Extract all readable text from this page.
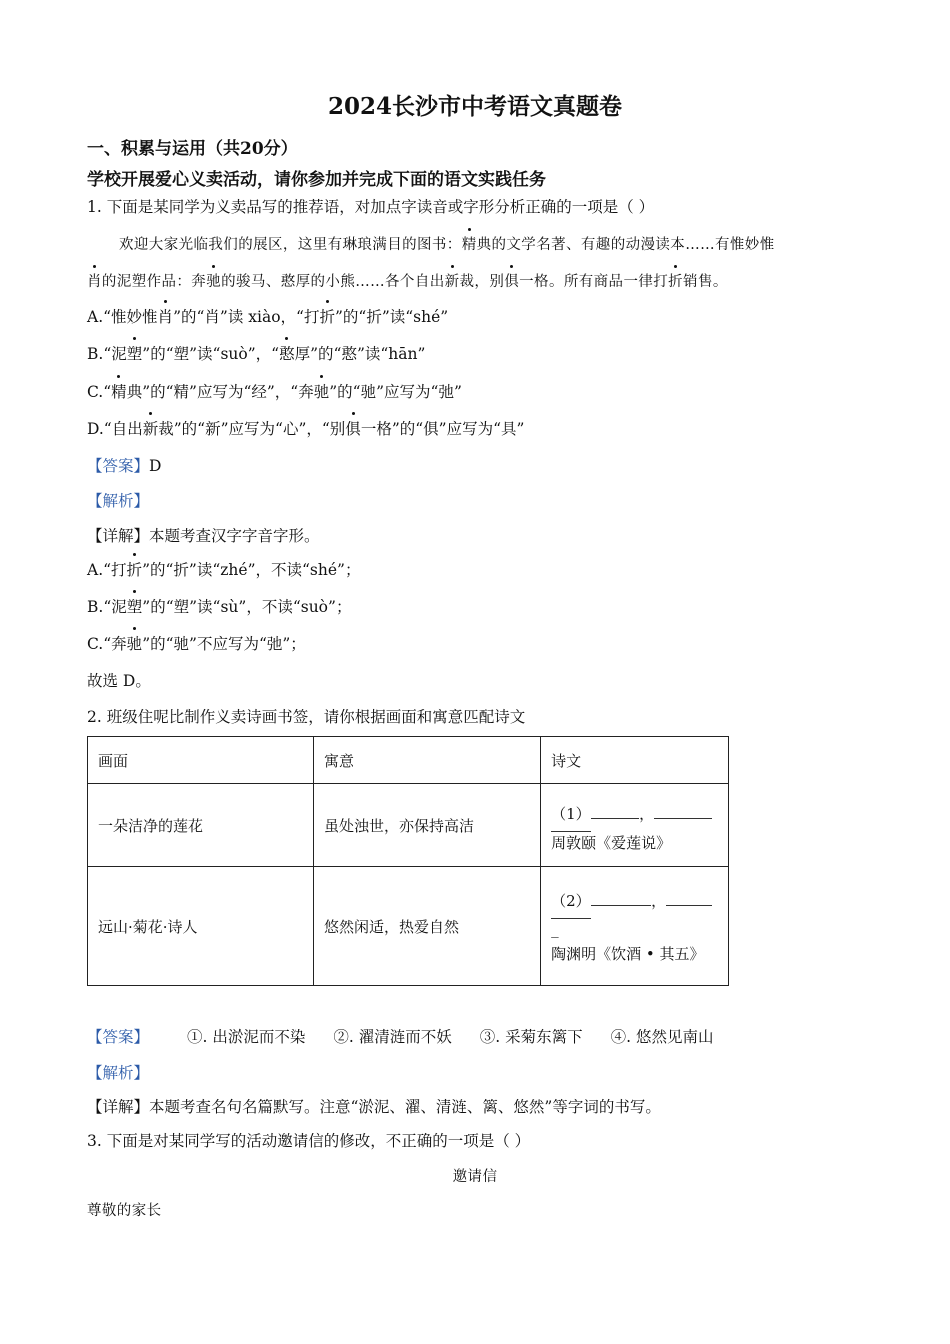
2024长沙市中考语文真题卷
一、积累与运用（共20分）
学校开展爱心义卖活动，请你参加并完成下面的语文实践任务
1. 下面是某同学为义卖品写的推荐语，对加点字读音或字形分析正确的一项是（ ）
欢迎大家光临我们的展区，这里有琳琅满目的图书：精典的文学名著、有趣的动漫读本……有惟妙惟
肖的泥塑作品：奔驰的骏马、憨厚的小熊……各个自出新裁，别俱一格。所有商品一律打折销售。
A.“惟妙惟肖”的“肖”读 xiào，“打折”的“折”读“shé”
B.“泥塑”的“塑”读“suò”，“憨厚”的“憨”读“hān”
C.“精典”的“精”应写为“经”，“奔驰”的“驰”应写为“弛”
D.“自出新裁”的“新”应写为“心”，“别俱一格”的“俱”应写为“具”
【答案】D
【解析】
【详解】本题考查汉字字音字形。
A.“打折”的“折”读“zhé”，不读“shé”；
B.“泥塑”的“塑”读“sù”，不读“suò”；
C.“奔驰”的“驰”不应写为“弛”；
故选 D。
2. 班级住呢比制作义卖诗画书签，请你根据画面和寓意匹配诗文
画面	寓意	诗文
一朵洁净的莲花	虽处浊世，亦保持高洁	（1） ，
周敦颐《爱莲说》

远山·菊花·诗人	悠然闲适，热爱自然	（2） ，
_
陶渊明《饮酒 • 其五》
【答案】 ①. 出淤泥而不染 ②. 濯清涟而不妖 ③. 采菊东篱下 ④. 悠然见南山
【解析】
【详解】本题考查名句名篇默写。注意“淤泥、濯、清涟、篱、悠然”等字词的书写。
3. 下面是对某同学写的活动邀请信的修改，不正确的一项是（ ）
邀请信
尊敬的家长
